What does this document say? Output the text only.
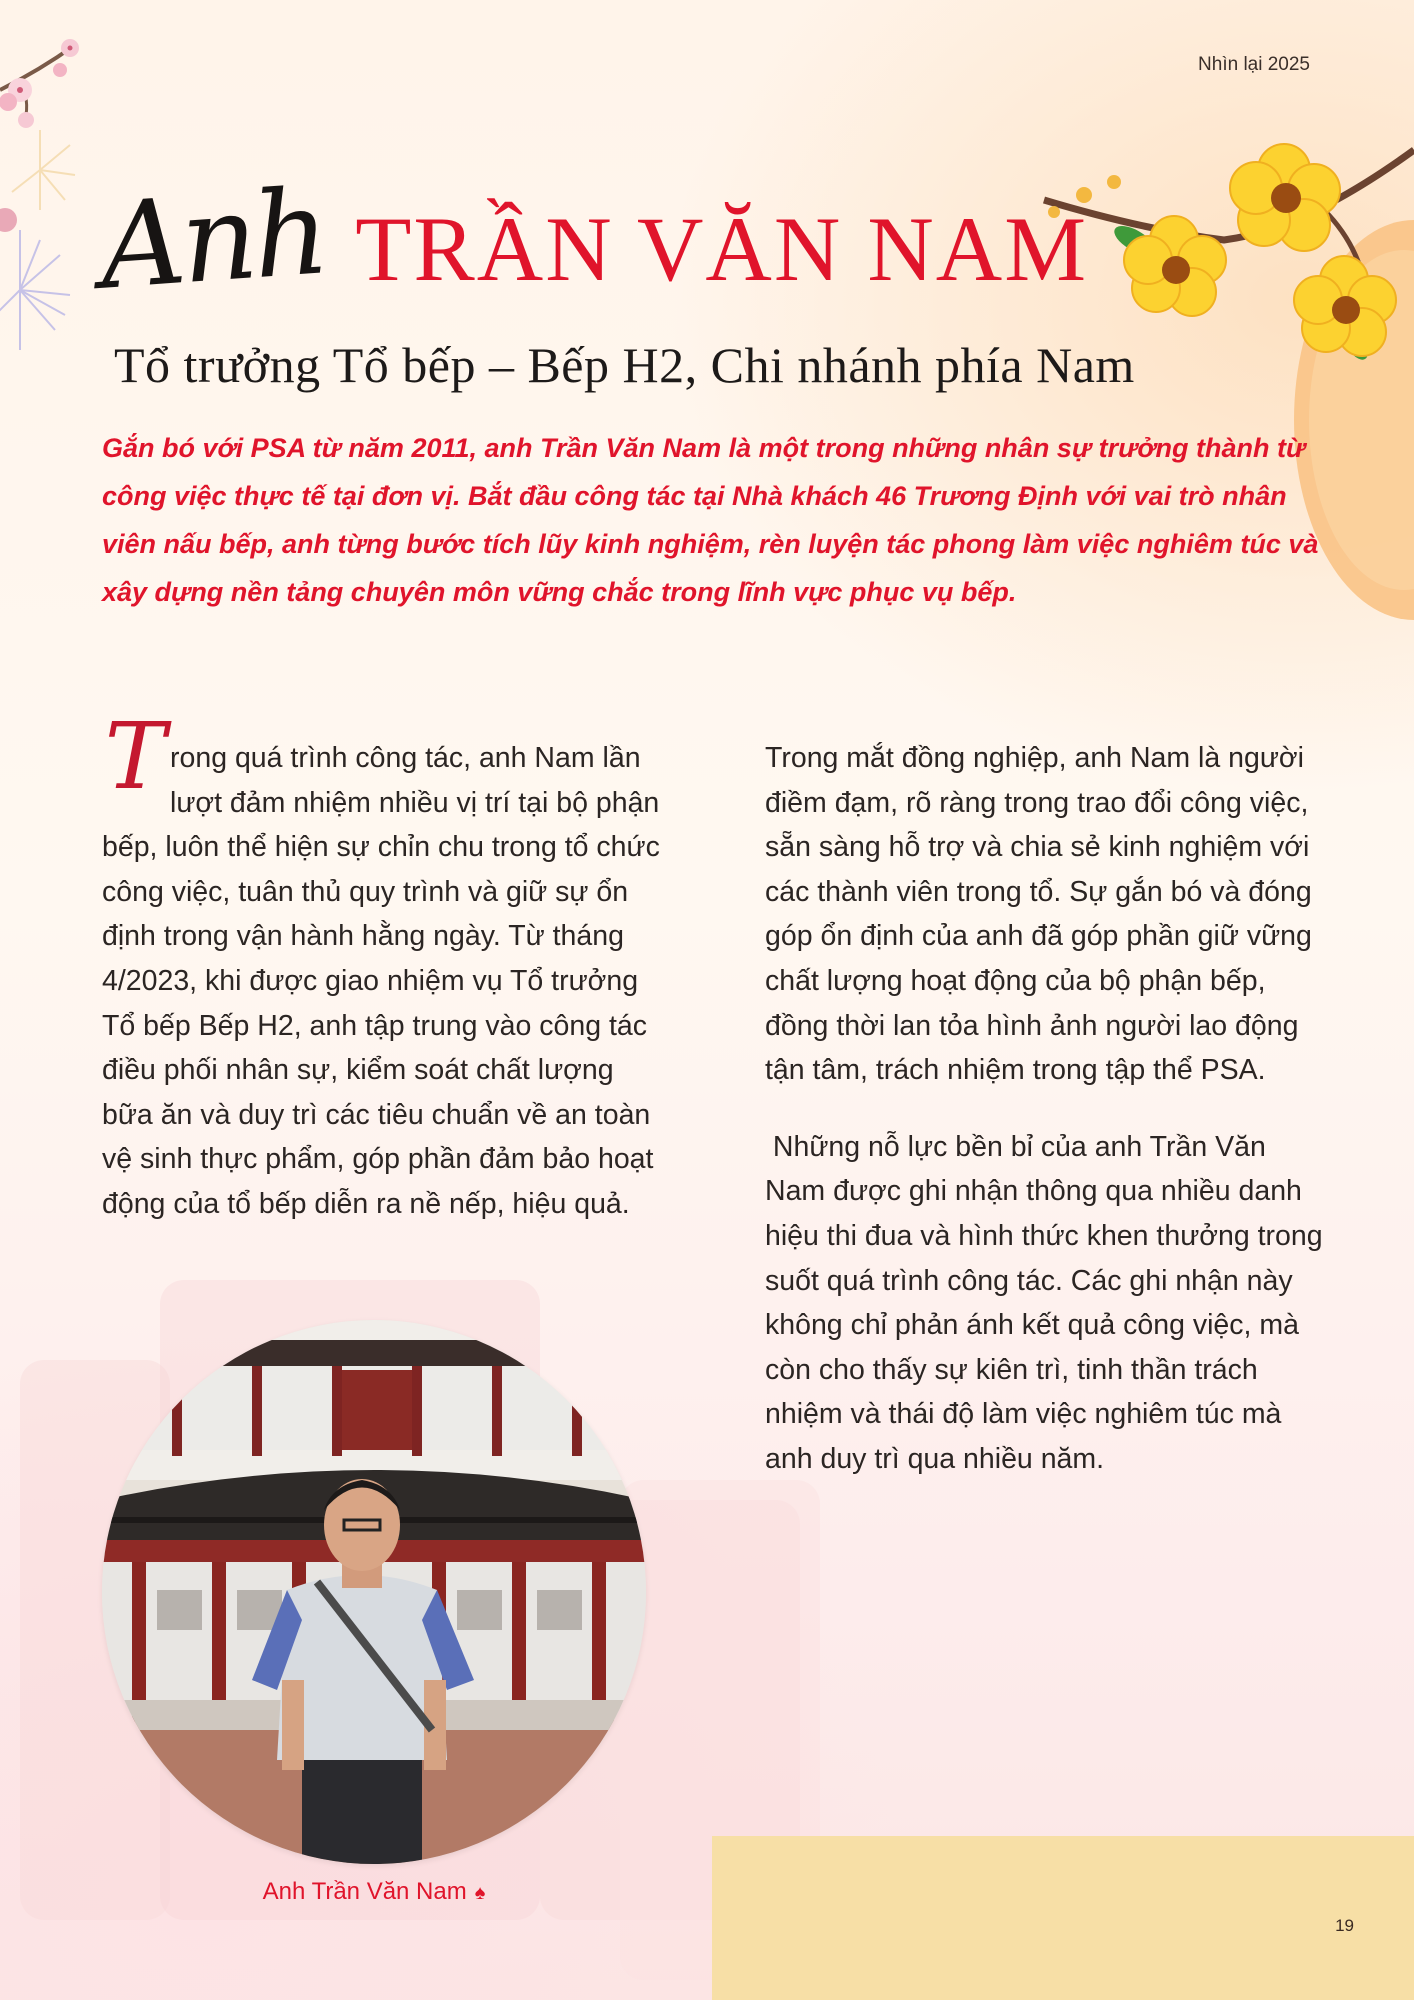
Nhìn lại 2025
Anh TRẦN VĂN NAM
Tổ trưởng Tổ bếp – Bếp H2, Chi nhánh phía Nam

Gắn bó với PSA từ năm 2011, anh Trần Văn Nam là một trong những nhân sự trưởng thành từ công việc thực tế tại đơn vị. Bắt đầu công tác tại Nhà khách 46 Trương Định với vai trò nhân viên nấu bếp, anh từng bước tích lũy kinh nghiệm, rèn luyện tác phong làm việc nghiêm túc và xây dựng nền tảng chuyên môn vững chắc trong lĩnh vực phục vụ bếp.

Trong quá trình công tác, anh Nam lần lượt đảm nhiệm nhiều vị trí tại bộ phận bếp, luôn thể hiện sự chỉn chu trong tổ chức công việc, tuân thủ quy trình và giữ sự ổn định trong vận hành hằng ngày. Từ tháng 4/2023, khi được giao nhiệm vụ Tổ trưởng Tổ bếp Bếp H2, anh tập trung vào công tác điều phối nhân sự, kiểm soát chất lượng bữa ăn và duy trì các tiêu chuẩn về an toàn vệ sinh thực phẩm, góp phần đảm bảo hoạt động của tổ bếp diễn ra nề nếp, hiệu quả.

Trong mắt đồng nghiệp, anh Nam là người điềm đạm, rõ ràng trong trao đổi công việc, sẵn sàng hỗ trợ và chia sẻ kinh nghiệm với các thành viên trong tổ. Sự gắn bó và đóng góp ổn định của anh đã góp phần giữ vững chất lượng hoạt động của bộ phận bếp, đồng thời lan tỏa hình ảnh người lao động tận tâm, trách nhiệm trong tập thể PSA.

Những nỗ lực bền bỉ của anh Trần Văn Nam được ghi nhận thông qua nhiều danh hiệu thi đua và hình thức khen thưởng trong suốt quá trình công tác. Các ghi nhận này không chỉ phản ánh kết quả công việc, mà còn cho thấy sự kiên trì, tinh thần trách nhiệm và thái độ làm việc nghiêm túc mà anh duy trì qua nhiều năm.

Anh Trần Văn Nam ♠
19
